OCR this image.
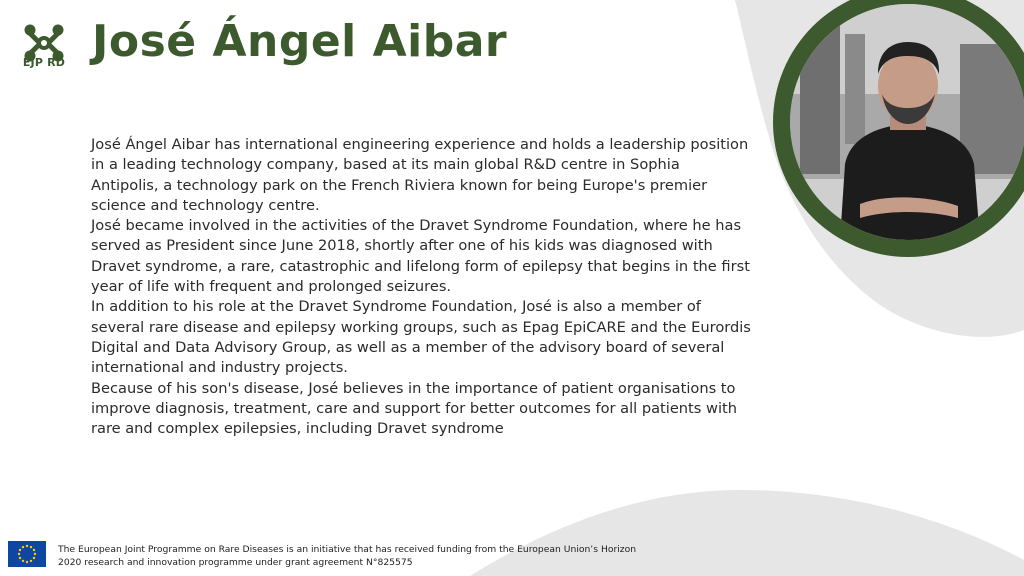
EJP RD José Ángel Aibar

José Ángel Aibar has international engineering experience and holds a leadership position in a leading technology company, based at its main global R&D centre in Sophia Antipolis, a technology park on the French Riviera known for being Europe's premier science and technology centre.

José became involved in the activities of the Dravet Syndrome Foundation, where he has served as President since June 2018, shortly after one of his kids was diagnosed with Dravet syndrome, a rare, catastrophic and lifelong form of epilepsy that begins in the first year of life with frequent and prolonged seizures.

In addition to his role at the Dravet Syndrome Foundation, José is also a member of several rare disease and epilepsy working groups, such as Epag EpiCARE and the Eurordis Digital and Data Advisory Group, as well as a member of the advisory board of several international and industry projects.

Because of his son's disease, José believes in the importance of patient organisations to improve diagnosis, treatment, care and support for better outcomes for all patients with rare and complex epilepsies, including Dravet syndrome

The European Joint Programme on Rare Diseases is an initiative that has received funding from the European Union’s Horizon 2020 research and innovation programme under grant agreement N°825575
